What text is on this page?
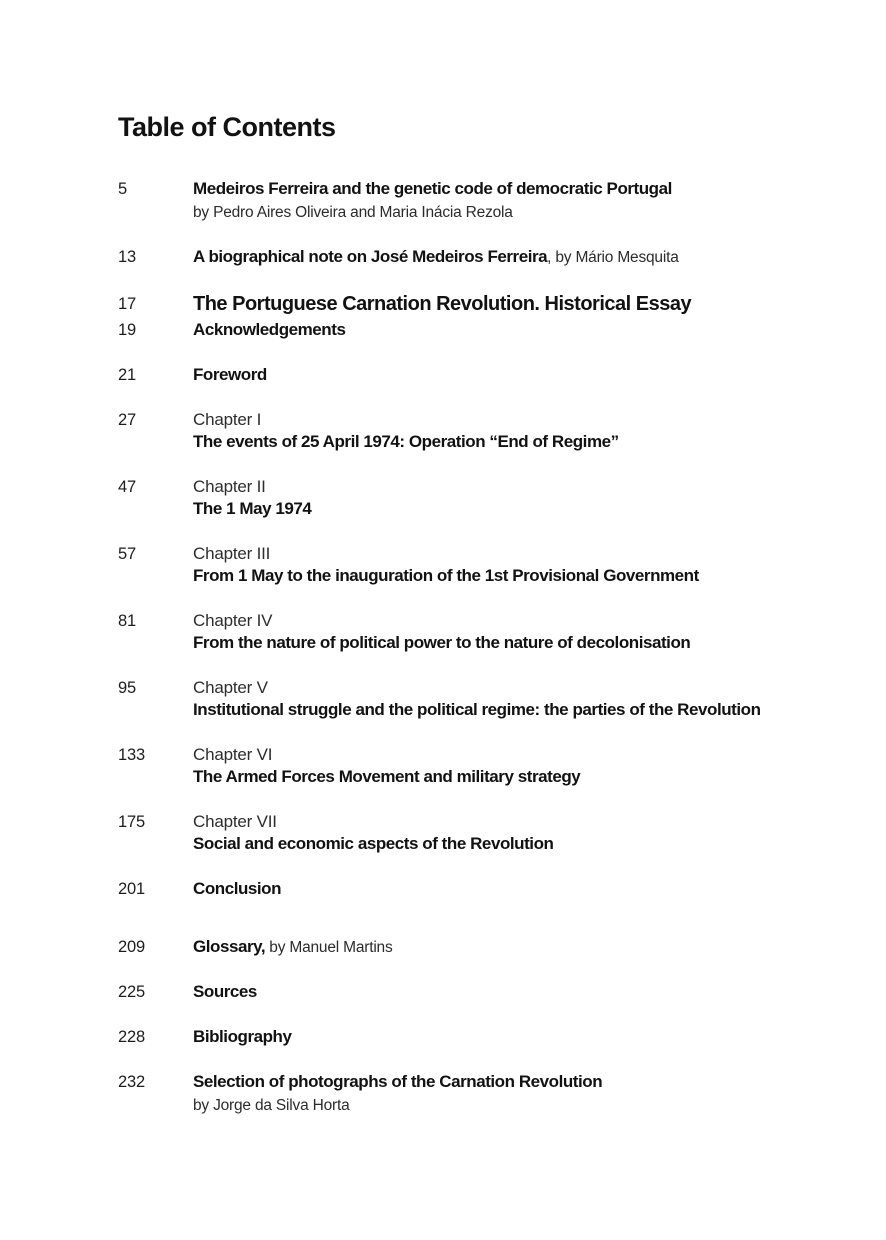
Table of Contents
5	Medeiros Ferreira and the genetic code of democratic Portugal
by Pedro Aires Oliveira and Maria Inácia Rezola
13	A biographical note on José Medeiros Ferreira, by Mário Mesquita
17	The Portuguese Carnation Revolution. Historical Essay
19	Acknowledgements
21	Foreword
27	Chapter I
The events of 25 April 1974: Operation “End of Regime”
47	Chapter II
The 1 May 1974
57	Chapter III
From 1 May to the inauguration of the 1st Provisional Government
81	Chapter IV
From the nature of political power to the nature of decolonisation
95	Chapter V
Institutional struggle and the political regime: the parties of the Revolution
133	Chapter VI
The Armed Forces Movement and military strategy
175	Chapter VII
Social and economic aspects of the Revolution
201	Conclusion
209	Glossary, by Manuel Martins
225	Sources
228	Bibliography
232	Selection of photographs of the Carnation Revolution
by Jorge da Silva Horta
